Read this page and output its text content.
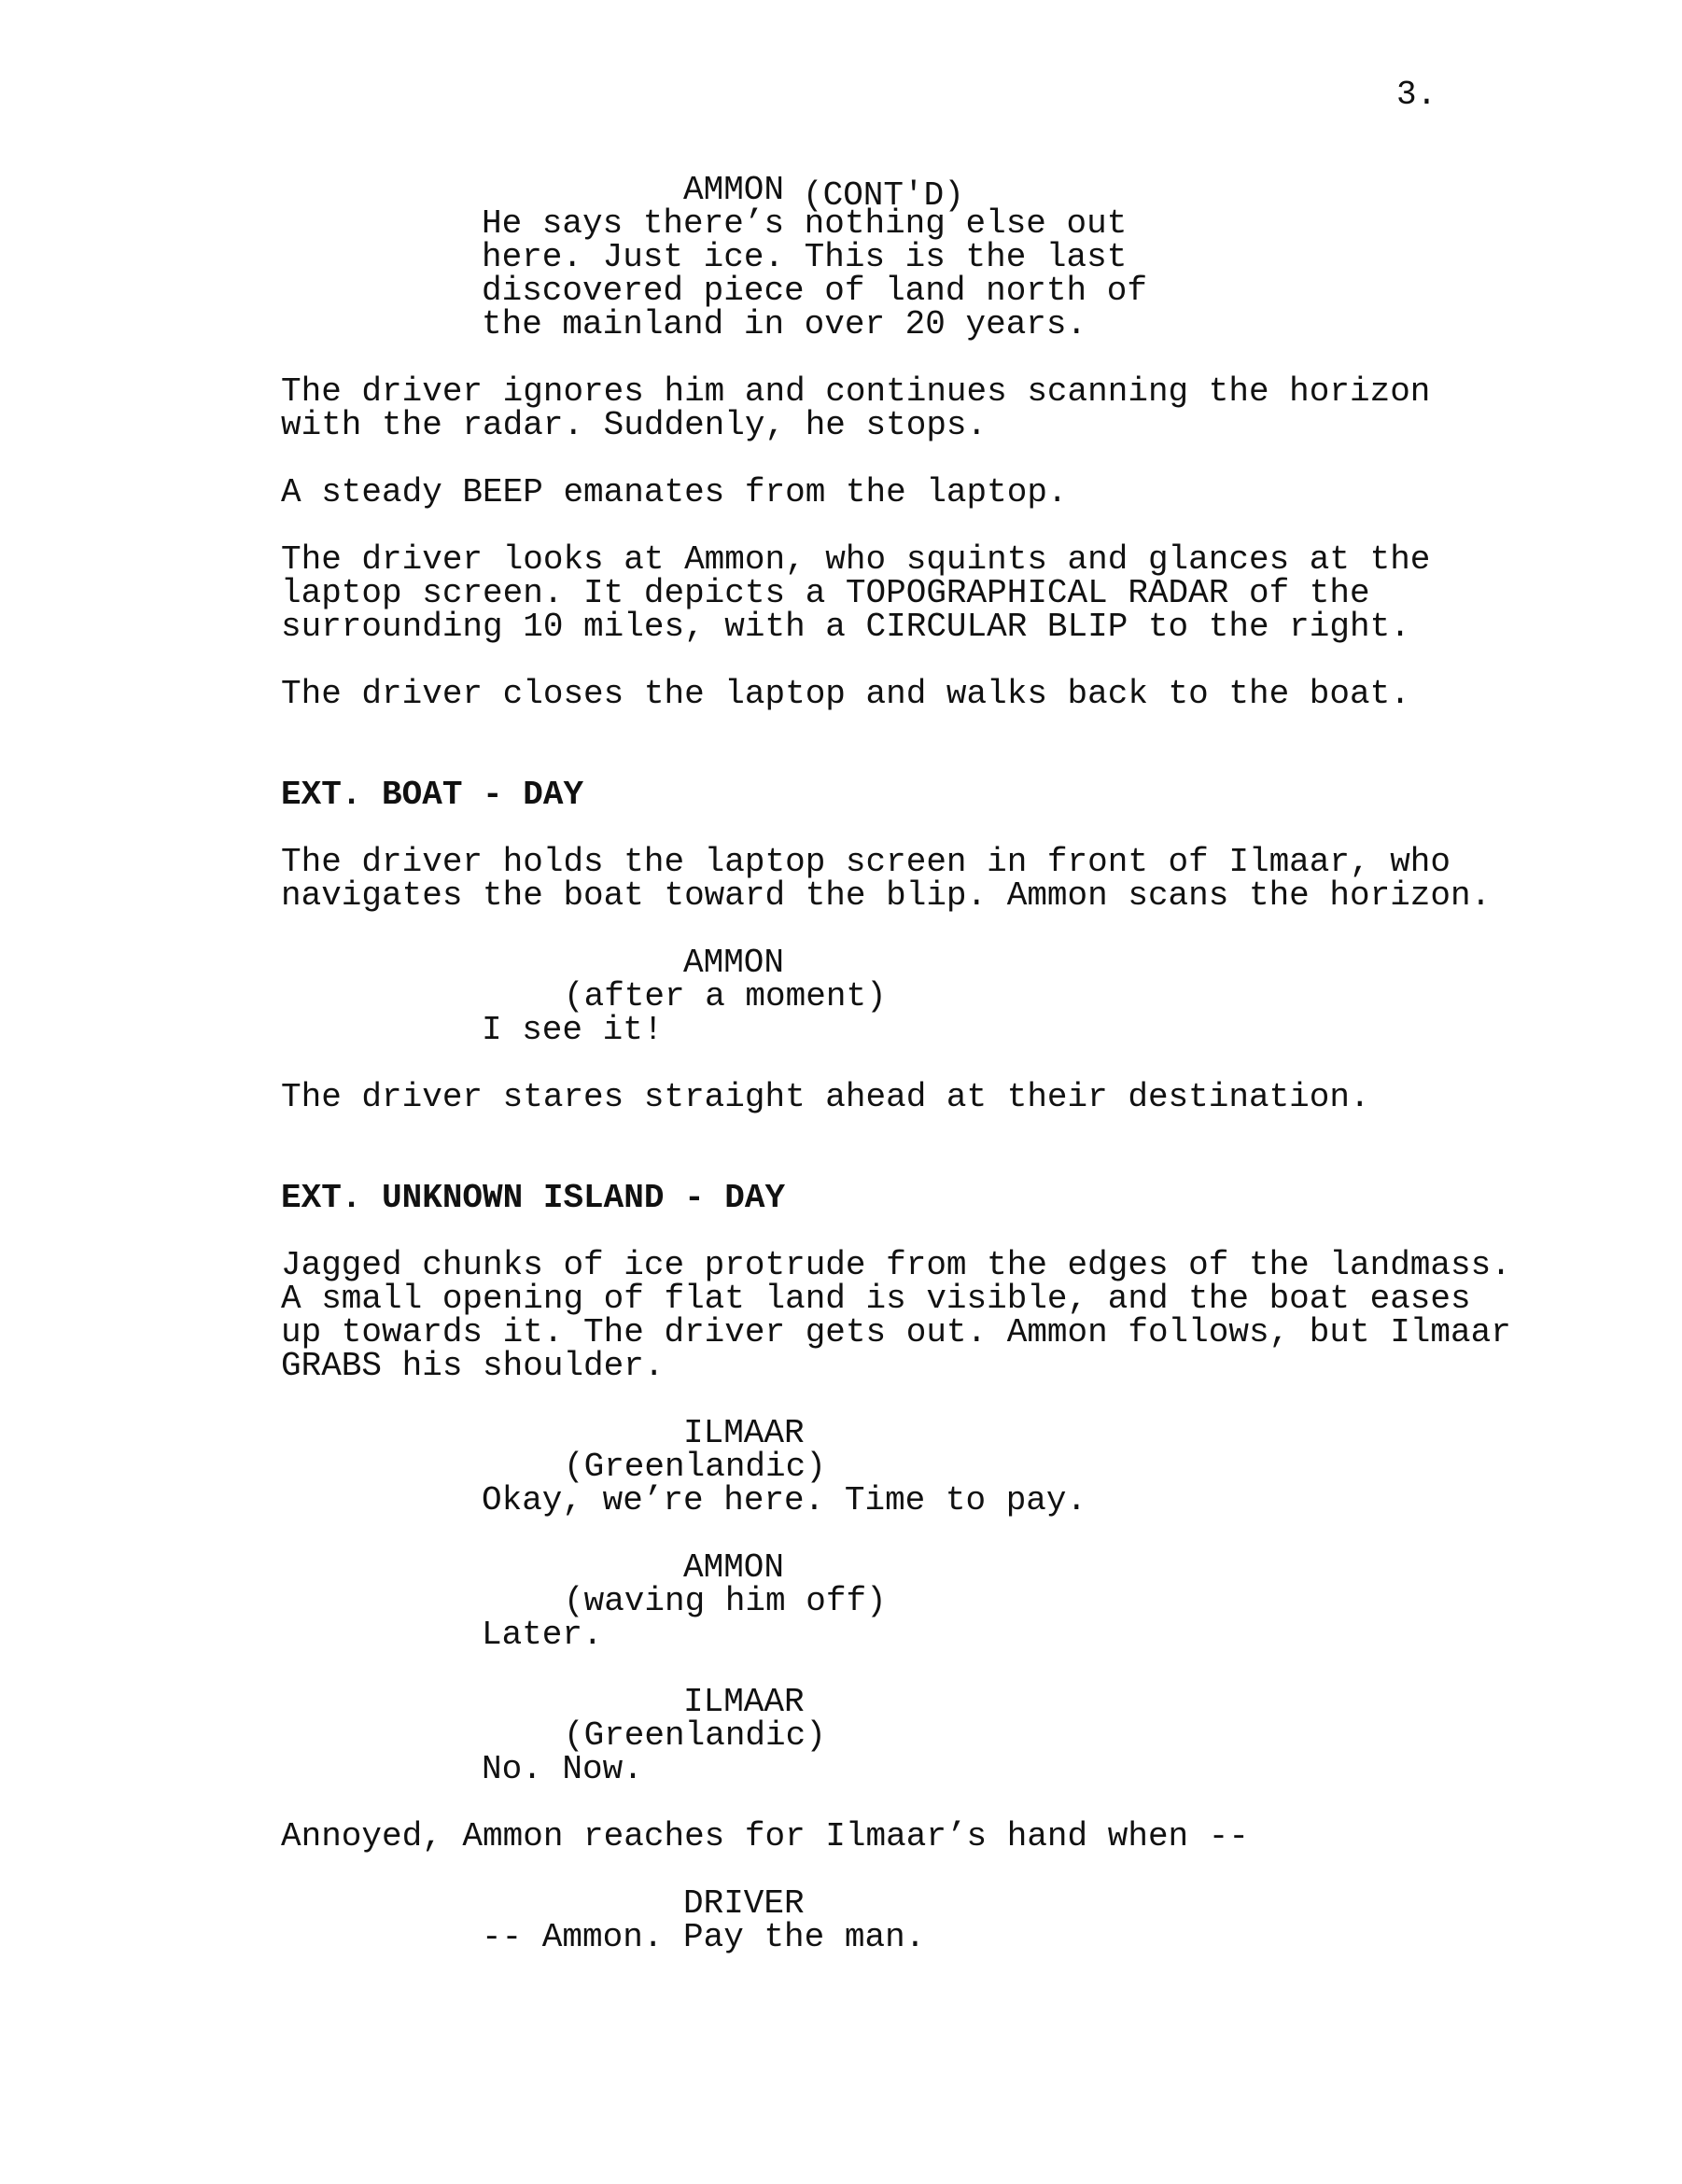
3.

AMMON (CONT'D)

He says there’s nothing else out
here. Just ice. This is the last
discovered piece of land north of
the mainland in over 20 years.

The driver ignores him and continues scanning the horizon
with the radar. Suddenly, he stops.

A steady BEEP emanates from the laptop.

The driver looks at Ammon, who squints and glances at the
laptop screen. It depicts a TOPOGRAPHICAL RADAR of the
surrounding 10 miles, with a CIRCULAR BLIP to the right.

The driver closes the laptop and walks back to the boat.

EXT. BOAT - DAY

The driver holds the laptop screen in front of Ilmaar, who
navigates the boat toward the blip. Ammon scans the horizon.

AMMON

(after a moment)

I see it!

The driver stares straight ahead at their destination.

EXT. UNKNOWN ISLAND - DAY

Jagged chunks of ice protrude from the edges of the landmass.
A small opening of flat land is visible, and the boat eases
up towards it. The driver gets out. Ammon follows, but Ilmaar
GRABS his shoulder.

ILMAAR

(Greenlandic)

Okay, we’re here. Time to pay.

AMMON

(waving him off)

Later.

ILMAAR

(Greenlandic)

No. Now.

Annoyed, Ammon reaches for Ilmaar’s hand when --

DRIVER

-- Ammon. Pay the man.
